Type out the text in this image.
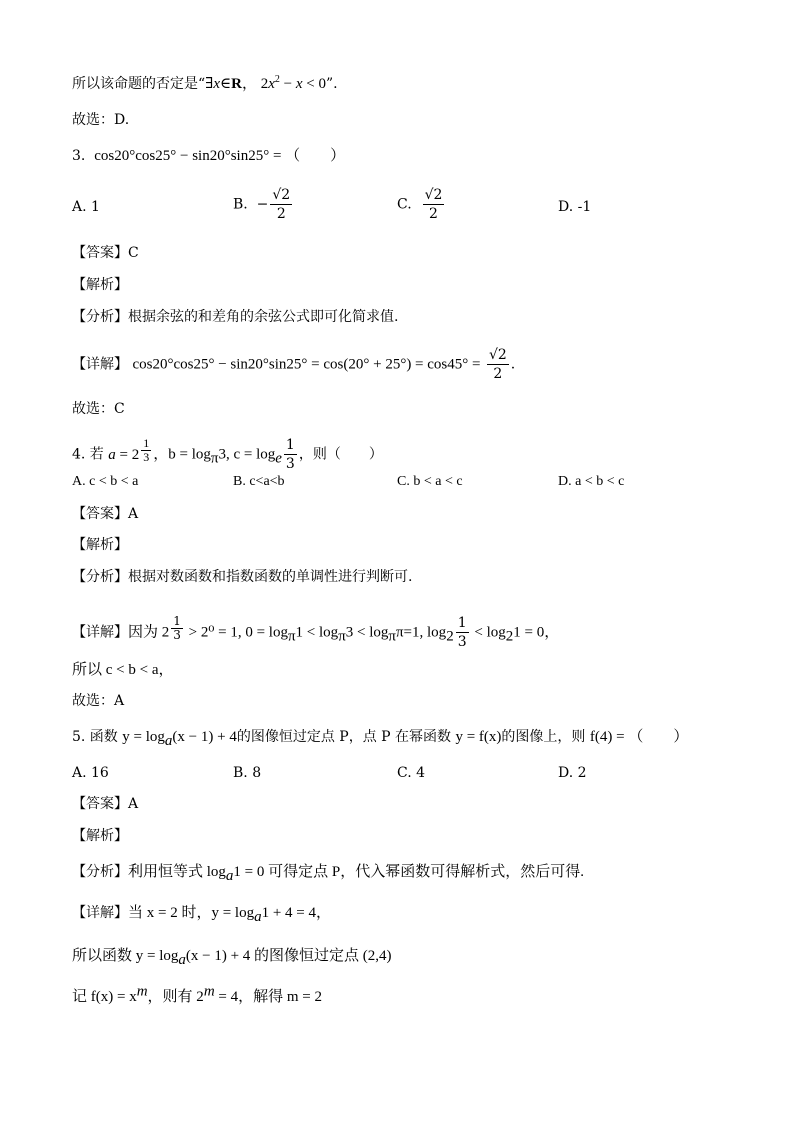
所以该命题的否定是“∃x∈R， $2x^2 - x < 0$”.
故选：D.
3. cos20°cos25° − sin20°sin25° = （　　）
A. 1	B. − $\frac{√2}{2}$	C. $\frac{√2}{2}$	D. -1
【答案】C
【解析】
【分析】根据余弦的和差角的余弦公式即可化简求值.
【详解】 $\cos 20^\circ\cos 25^\circ - \sin 20^\circ\sin 25^\circ = \cos(20^\circ + 25^\circ) = \cos 45^\circ = \frac{√2}{2}$ .
故选：C
4. 若 a = 2 $^{\frac{1}{3}}$ ，$b = \log_\pi 3$, $c = \log_e \frac{1}{3}$ ，则（　　）
A. c < b < a	B. c<a<b	C. b < a < c	D. a < b < c
【答案】A
【解析】
【分析】根据对数函数和指数函数的单调性进行判断可.
【详解】因为 2 $^{\frac{1}{3}}$ > 2⁰ = 1, $0 = \log_\pi 1 < \log_\pi 3 < \log_\pi\pi=1$, $\log_2 \frac{1}{3} < \log_21 = 0$，
所以 c < b < a，
故选：A
5. 函数 $y = \log_a(x - 1) + 4$的图像恒过定点 P，点 P 在幂函数 y = f(x)的图像上，则 f(4) = （　　）
A. 16	B. 8	C. 4	D. 2
【答案】A
【解析】
【分析】利用恒等式 $\log_a1 = 0$ 可得定点 P，代入幂函数可得解析式，然后可得.
【详解】当 x = 2 时，$y = \log_a1 + 4 = 4$，
所以函数 $y = \log_a(x - 1) + 4$ 的图像恒过定点 (2,4)
记 $f(x) = x^m$，则有 $2^m = 4$，解得 m = 2
